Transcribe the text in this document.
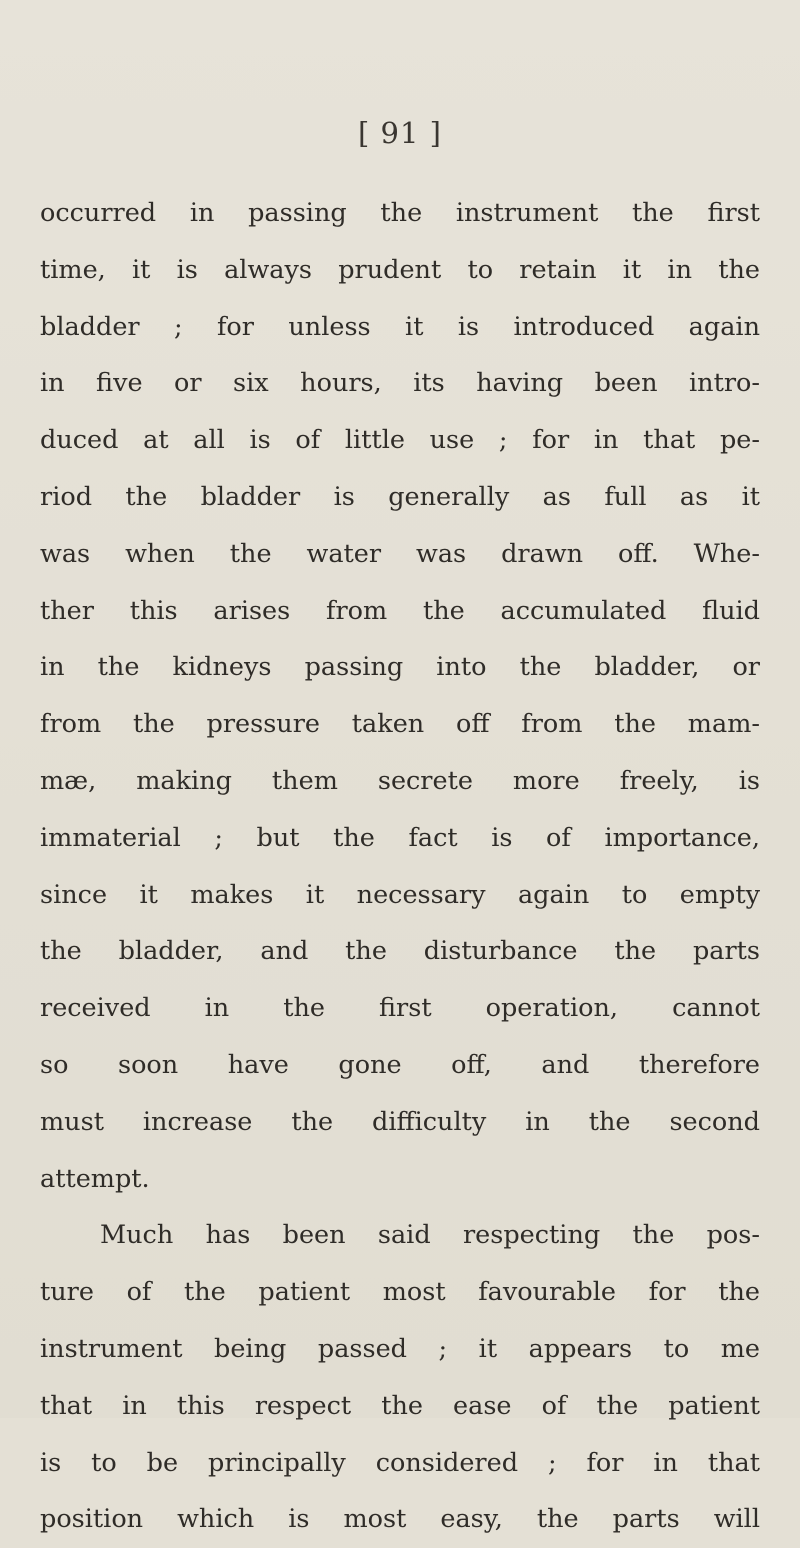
[ 91 ]
occurred in passing the instrument the first
time, it is always prudent to retain it in the
bladder ; for unless it is introduced again
in five or six hours, its having been intro-
duced at all is of little use ; for in that pe-
riod the bladder is generally as full as it
was when the water was drawn off. Whe-
ther this arises from the accumulated fluid
in the kidneys passing into the bladder, or
from the pressure taken off from the mam-
mæ, making them secrete more freely, is
immaterial ; but the fact is of importance,
since it makes it necessary again to empty
the bladder, and the disturbance the parts
received in the first operation, cannot
so soon have gone off, and therefore
must increase the difficulty in the second
attempt.
Much has been said respecting the pos-
ture of the patient most favourable for the
instrument being passed ; it appears to me
that in this respect the ease of the patient
is to be principally considered ; for in that
position which is most easy, the parts will
